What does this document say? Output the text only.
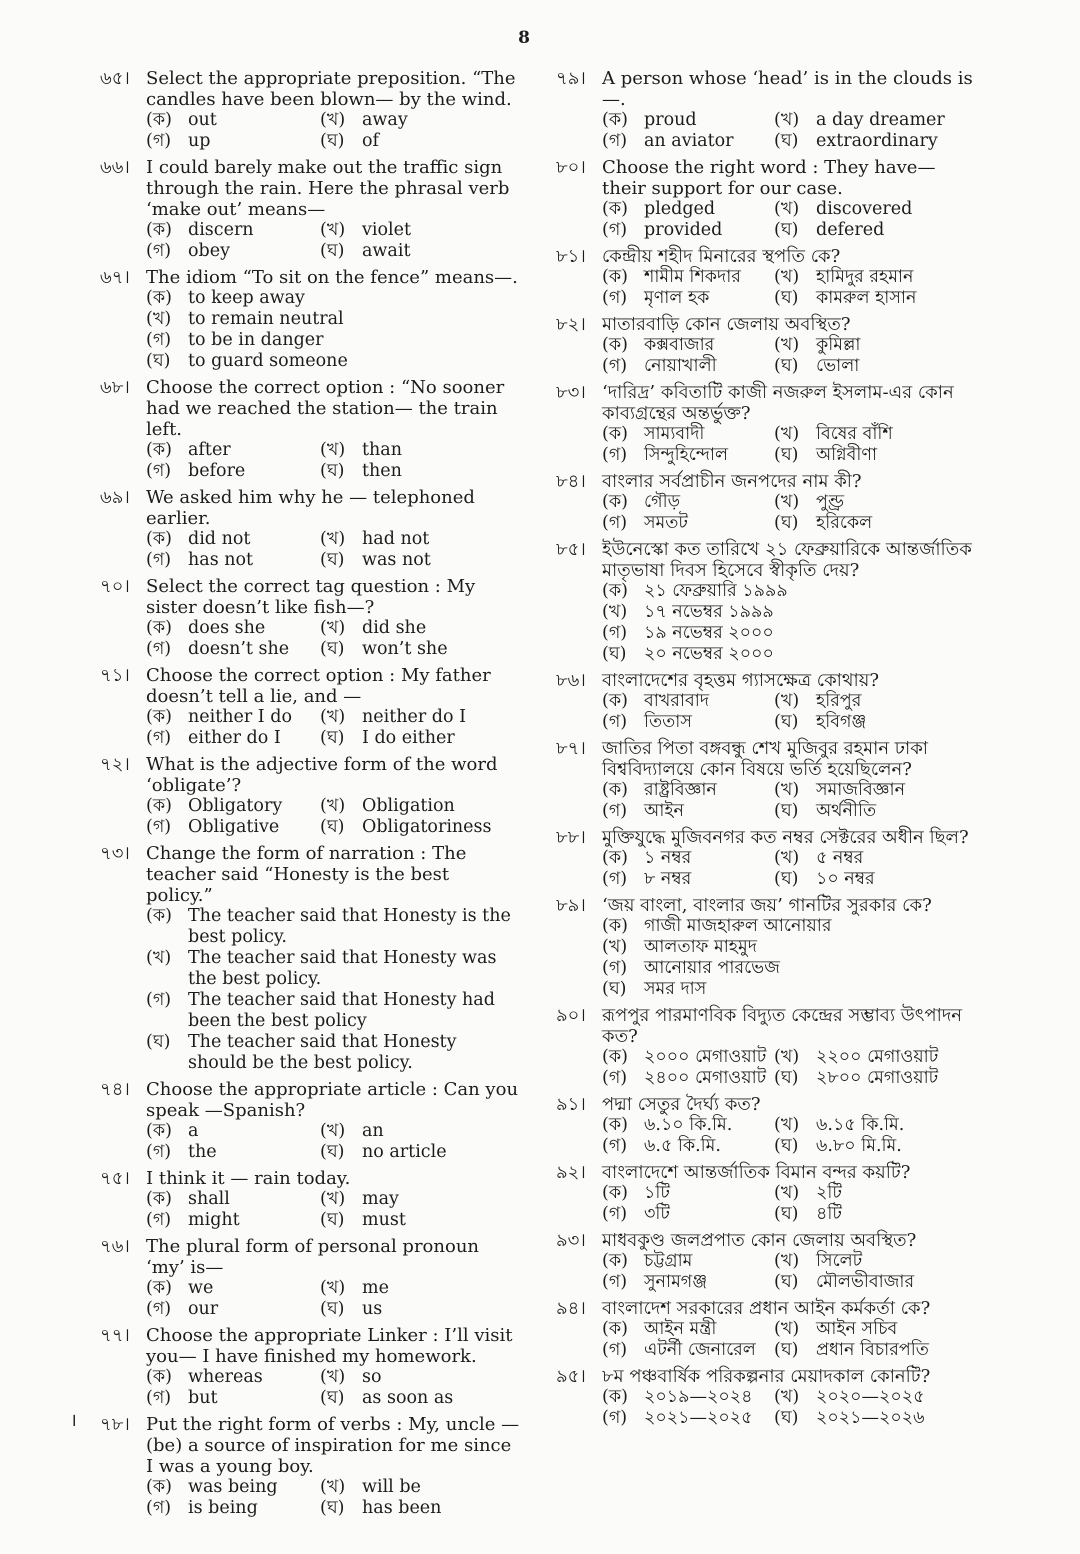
8
৬৫। Select the appropriate preposition. “The candles have been blown— by the wind.
(ক) out	(খ) away
(গ) up	(ঘ)	of
৬৬। I could barely make out the traffic sign through the rain. Here the phrasal verb ‘make out’ means—
(ক) discern	(খ) violet
(গ) obey	(ঘ)	await
৬৭। The idiom “To sit on the fence” means—.
(ক) to keep away
(খ) to remain neutral
(গ) to be in danger
(ঘ)	to guard someone
৬৮। Choose the correct option : “No sooner had we reached the station— the train left.
(ক) after	(খ) than
(গ) before	(ঘ)	then
৬৯। We asked him why he — telephoned earlier.
(ক) did not	(খ) had not
(গ) has not	(ঘ)	was not
৭০। Select the correct tag question : My sister doesn’t like fish—?
(ক) does she	(খ) did she
(গ) doesn’t she	(ঘ)	won’t she
৭১। Choose the correct option : My father doesn’t tell a lie, and —
(ক) neither I do	(খ) neither do I
(গ) either do I	(ঘ)	I do either
৭২। What is the adjective form of the word ‘obligate’?
(ক) Obligatory	(খ) Obligation
(গ) Obligative	(ঘ)	Obligatoriness
৭৩। Change the form of narration : The teacher said “Honesty is the best policy.”
(ক) The teacher said that Honesty is the best policy.
(খ) The teacher said that Honesty was the best policy.
(গ) The teacher said that Honesty had been the best policy
(ঘ)	The teacher said that Honesty should be the best policy.
৭৪। Choose the appropriate article : Can you speak —Spanish?
(ক) a	(খ) an
(গ) the	(ঘ)	no article
৭৫। I think it — rain today.
(ক) shall	(খ) may
(গ) might	(ঘ)	must
৭৬। The plural form of personal pronoun ‘my’ is—
(ক) we	(খ) me
(গ) our	(ঘ)	us
৭৭। Choose the appropriate Linker : I’ll visit you— I have finished my homework.
(ক) whereas	(খ) so
(গ) but	(ঘ)	as soon as
৭৮। Put the right form of verbs : My, uncle — (be) a source of inspiration for me since I was a young boy.
(ক) was being	(খ) will be
(গ) is being	(ঘ)	has been
৭৯। A person whose ‘head’ is in the clouds is—.
(ক) proud	(খ) a day dreamer
(গ) an aviator	(ঘ)	extraordinary
৮০। Choose the right word : They have— their support for our case.
(ক) pledged	(খ) discovered
(গ) provided	(ঘ)	defered
৮১। কেন্দ্রীয় শহীদ মিনারের স্থপতি কে?
(ক) শামীম শিকদার	(খ) হামিদুর রহমান
(গ) মৃণাল হক	(ঘ)	কামরুল হাসান
৮২। মাতারবাড়ি কোন জেলায় অবস্থিত?
(ক) কক্সবাজার	(খ) কুমিল্লা
(গ) নোয়াখালী	(ঘ)	ভোলা
৮৩। ‘দারিদ্র’ কবিতাটি কাজী নজরুল ইসলাম-এর কোন কাব্যগ্রন্থের অন্তর্ভুক্ত?
(ক) সাম্যবাদী	(খ) বিষের বাঁশি
(গ) সিন্দুহিন্দোল	(ঘ)	অগ্নিবীণা
৮৪। বাংলার সর্বপ্রাচীন জনপদের নাম কী?
(ক) গৌড়	(খ) পুণ্ড্র
(গ) সমতট	(ঘ)	হরিকেল
৮৫। ইউনেস্কো কত তারিখে ২১ ফেব্রুয়ারিকে আন্তর্জাতিক মাতৃভাষা দিবস হিসেবে স্বীকৃতি দেয়?
(ক) ২১ ফেব্রুয়ারি ১৯৯৯
(খ) ১৭ নভেম্বর ১৯৯৯
(গ) ১৯ নভেম্বর ২০০০
(ঘ)	২০ নভেম্বর ২০০০
৮৬। বাংলাদেশের বৃহত্তম গ্যাসক্ষেত্র কোথায়?
(ক) বাখরাবাদ	(খ) হরিপুর
(গ) তিতাস	(ঘ)	হবিগঞ্জ
৮৭। জাতির পিতা বঙ্গবন্ধু শেখ মুজিবুর রহমান ঢাকা বিশ্ববিদ্যালয়ে কোন বিষয়ে ভর্তি হয়েছিলেন?
(ক) রাষ্ট্রবিজ্ঞান	(খ) সমাজবিজ্ঞান
(গ) আইন	(ঘ)	অর্থনীতি
৮৮। মুক্তিযুদ্ধে মুজিবনগর কত নম্বর সেক্টরের অধীন ছিল?
(ক) ১ নম্বর	(খ) ৫ নম্বর
(গ) ৮ নম্বর	(ঘ)	১০ নম্বর
৮৯। ‘জয় বাংলা, বাংলার জয়’ গানটির সুরকার কে?
(ক) গাজী মাজহারুল আনোয়ার
(খ) আলতাফ মাহমুদ
(গ) আনোয়ার পারভেজ
(ঘ)	সমর দাস
৯০। রূপপুর পারমাণবিক বিদ্যুত কেন্দ্রের সম্ভাব্য উৎপাদন কত?
(ক) ২০০০ মেগাওয়াট (খ) ২২০০ মেগাওয়াট
(গ) ২৪০০ মেগাওয়াট (ঘ)	২৮০০ মেগাওয়াট
৯১। পদ্মা সেতুর দৈর্ঘ্য কত?
(ক) ৬.১০ কি.মি.	(খ) ৬.১৫ কি.মি.
(গ) ৬.৫ কি.মি.	(ঘ)	৬.৮০ মি.মি.
৯২। বাংলাদেশে আন্তর্জাতিক বিমান বন্দর কয়টি?
(ক) ১টি	(খ) ২টি
(গ) ৩টি	(ঘ)	৪টি
৯৩। মাধবকুণ্ড জলপ্রপাত কোন জেলায় অবস্থিত?
(ক) চট্টগ্রাম	(খ) সিলেট
(গ) সুনামগঞ্জ	(ঘ)	মৌলভীবাজার
৯৪। বাংলাদেশ সরকারের প্রধান আইন কর্মকর্তা কে?
(ক) আইন মন্ত্রী	(খ) আইন সচিব
(গ) এটর্নী জেনারেল	(ঘ)	প্রধান বিচারপতি
৯৫। ৮ম পঞ্চবার্ষিক পরিকল্পনার মেয়াদকাল কোনটি?
(ক) ২০১৯—২০২৪	(খ) ২০২০—২০২৫
(গ) ২০২১—২০২৫	(ঘ)	২০২১—২০২৬
।
